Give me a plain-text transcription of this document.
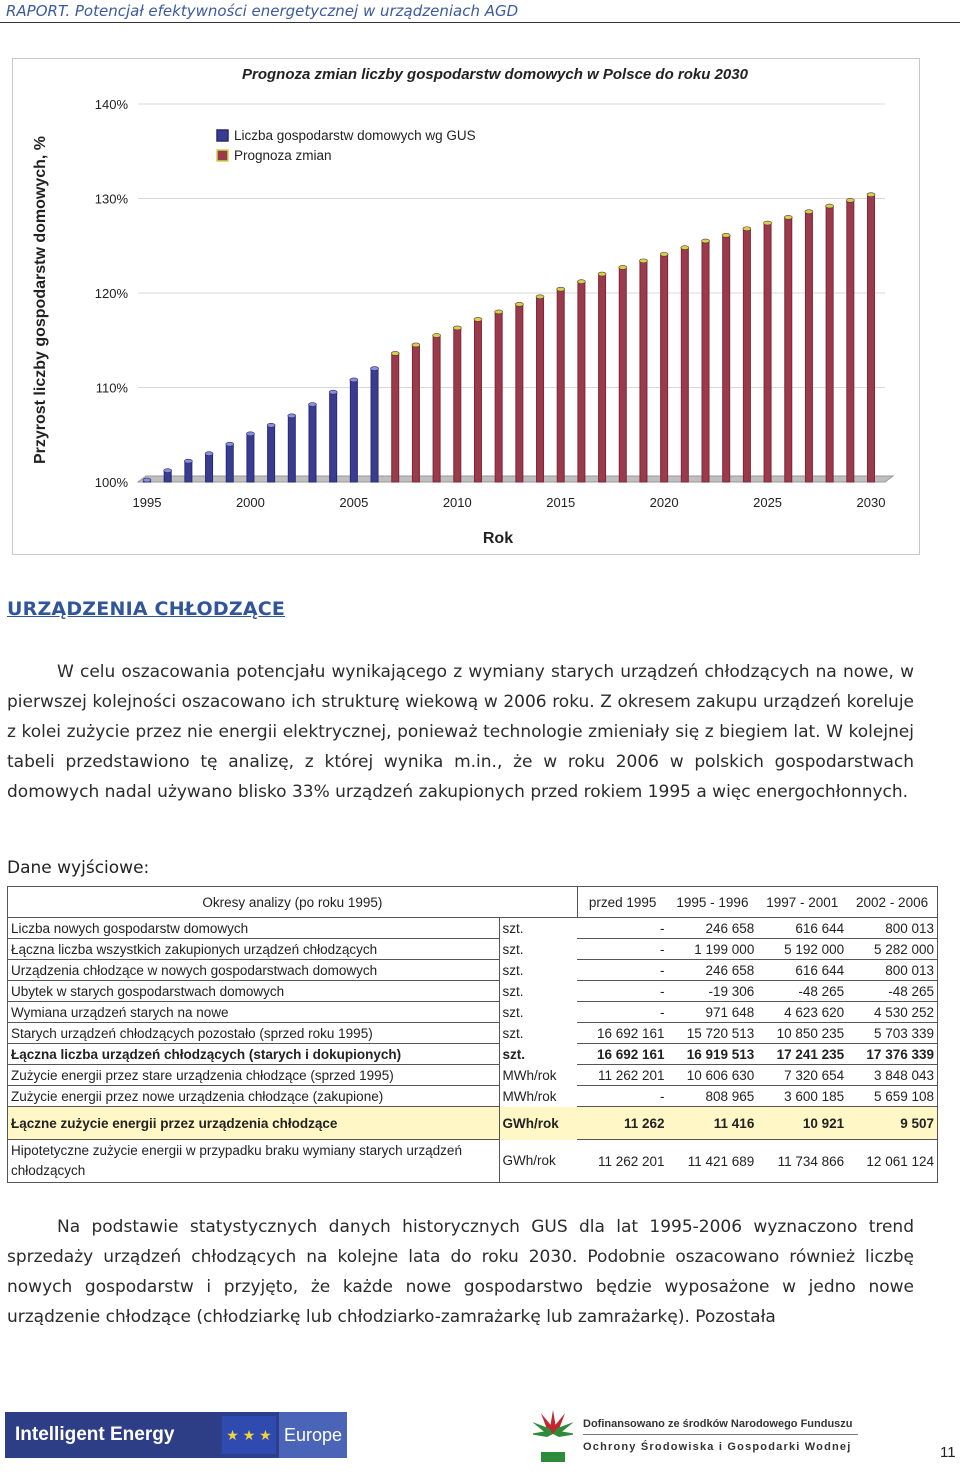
RAPORT. Potencjał efektywności energetycznej w urządzeniach AGD
Prognoza zmian liczby gospodarstw domowych w Polsce do roku 2030
140%
130%
120%
110%
100%
1995	2000	2005	2010	2015	2020	2025	2030
Rok
Przyrost liczby gospodarstw domowych, %
Liczba gospodarstw domowych wg GUS
Prognoza zmian
URZĄDZENIA CHŁODZĄCE

W celu oszacowania potencjału wynikającego z wymiany starych urządzeń chłodzących na nowe, w pierwszej kolejności oszacowano ich strukturę wiekową w 2006 roku. Z okresem zakupu urządzeń koreluje z kolei zużycie przez nie energii elektrycznej, ponieważ technologie zmieniały się z biegiem lat. W kolejnej tabeli przedstawiono tę analizę, z której wynika m.in., że w roku 2006 w polskich gospodarstwach domowych nadal używano blisko 33% urządzeń zakupionych przed rokiem 1995 a więc energochłonnych.

Dane wyjściowe:
Okresy analizy (po roku 1995)		przed 1995	1995 - 1996	1997 - 2001	2002 - 2006
Liczba nowych gospodarstw domowych	szt.	-	246 658	616 644	800 013
Łączna liczba wszystkich zakupionych urządzeń chłodzących	szt.	-	1 199 000	5 192 000	5 282 000
Urządzenia chłodzące w nowych gospodarstwach domowych	szt.	-	246 658	616 644	800 013
Ubytek w starych gospodarstwach domowych	szt.	-	-19 306	-48 265	-48 265
Wymiana urządzeń starych na nowe	szt.	-	971 648	4 623 620	4 530 252
Starych urządzeń chłodzących pozostało (sprzed roku 1995)	szt.	16 692 161	15 720 513	10 850 235	5 703 339
Łączna liczba urządzeń chłodzących (starych i dokupionych)	szt.	16 692 161	16 919 513	17 241 235	17 376 339
Zużycie energii przez stare urządzenia chłodzące (sprzed 1995)	MWh/rok	11 262 201	10 606 630	7 320 654	3 848 043
Zużycie energii przez nowe urządzenia chłodzące (zakupione)	MWh/rok	-	808 965	3 600 185	5 659 108
Łączne zużycie energii przez urządzenia chłodzące	GWh/rok	11 262	11 416	10 921	9 507
Hipotetyczne zużycie energii w przypadku braku wymiany starych urządzeń chłodzących	GWh/rok	11 262 201	11 421 689	11 734 866	12 061 124

Na podstawie statystycznych danych historycznych GUS dla lat 1995-2006 wyznaczono trend sprzedaży urządzeń chłodzących na kolejne lata do roku 2030. Podobnie oszacowano również liczbę nowych gospodarstw i przyjęto, że każde nowe gospodarstwo będzie wyposażone w jedno nowe urządzenie chłodzące (chłodziarkę lub chłodziarko-zamrażarkę lub zamrażarkę). Pozostała

Intelligent Energy	★ ★ ★ Europe
Dofinansowano ze środków Narodowego Funduszu
Ochrony Środowiska i Gospodarki Wodnej	11
